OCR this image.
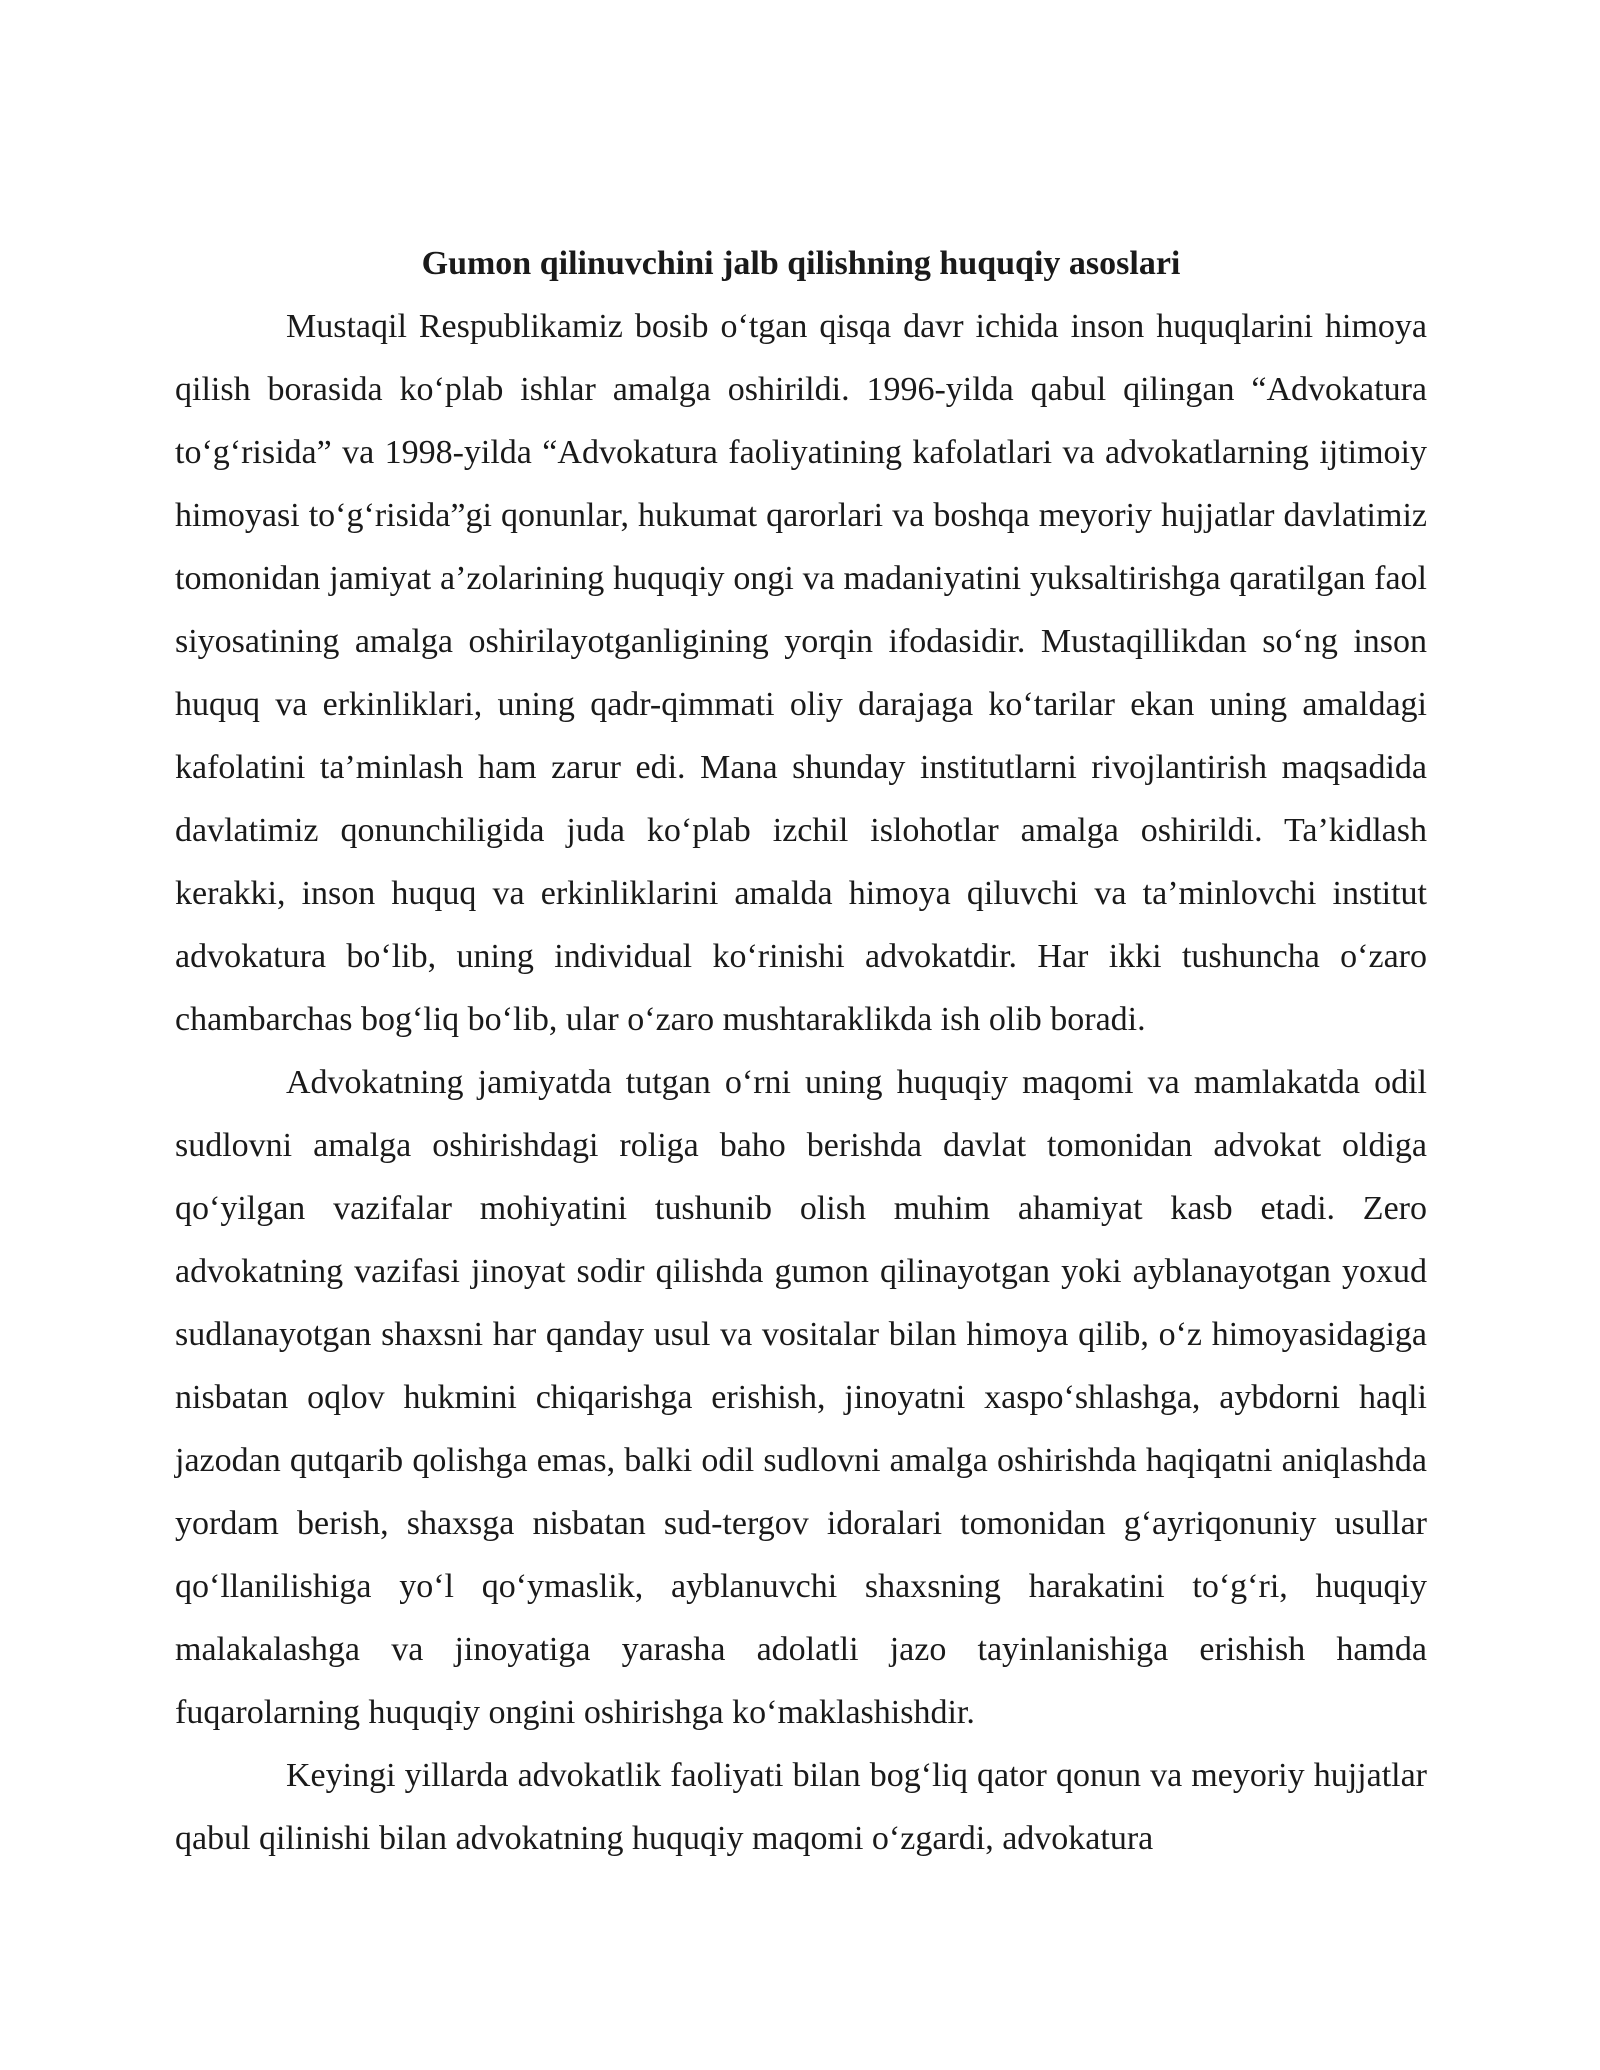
Gumon qilinuvchini jalb qilishning huquqiy asoslari

Mustaqil Respublikamiz bosib o‘tgan qisqa davr ichida inson huquqlarini himoya qilish borasida ko‘plab ishlar amalga oshirildi. 1996-yilda qabul qilingan “Advokatura to‘g‘risida” va 1998-yilda “Advokatura faoliyatining kafolatlari va advokatlarning ijtimoiy himoyasi to‘g‘risida”gi qonunlar, hukumat qarorlari va boshqa meyoriy hujjatlar davlatimiz tomonidan jamiyat a’zolarining huquqiy ongi va madaniyatini yuksaltirishga qaratilgan faol siyosatining amalga oshirilayotganligining yorqin ifodasidir. Mustaqillikdan so‘ng inson huquq va erkinliklari, uning qadr-qimmati oliy darajaga ko‘tarilar ekan uning amaldagi kafolatini ta’minlash ham zarur edi. Mana shunday institutlarni rivojlantirish maqsadida davlatimiz qonunchiligida juda ko‘plab izchil islohotlar amalga oshirildi. Ta’kidlash kerakki, inson huquq va erkinliklarini amalda himoya qiluvchi va ta’minlovchi institut advokatura bo‘lib, uning individual ko‘rinishi advokatdir. Har ikki tushuncha o‘zaro chambarchas bog‘liq bo‘lib, ular o‘zaro mushtaraklikda ish olib boradi.

Advokatning jamiyatda tutgan o‘rni uning huquqiy maqomi va mamlakatda odil sudlovni amalga oshirishdagi roliga baho berishda davlat tomonidan advokat oldiga qo‘yilgan vazifalar mohiyatini tushunib olish muhim ahamiyat kasb etadi. Zero advokatning vazifasi jinoyat sodir qilishda gumon qilinayotgan yoki ayblanayotgan yoxud sudlanayotgan shaxsni har qanday usul va vositalar bilan himoya qilib, o‘z himoyasidagiga nisbatan oqlov hukmini chiqarishga erishish, jinoyatni xaspo‘shlashga, aybdorni haqli jazodan qutqarib qolishga emas, balki odil sudlovni amalga oshirishda haqiqatni aniqlashda yordam berish, shaxsga nisbatan sud-tergov idoralari tomonidan g‘ayriqonuniy usullar qo‘llanilishiga yo‘l qo‘ymaslik, ayblanuvchi shaxsning harakatini to‘g‘ri, huquqiy malakalashga va jinoyatiga yarasha adolatli jazo tayinlanishiga erishish hamda fuqarolarning huquqiy ongini oshirishga ko‘maklashishdir.

Keyingi yillarda advokatlik faoliyati bilan bog‘liq qator qonun va meyoriy hujjatlar qabul qilinishi bilan advokatning huquqiy maqomi o‘zgardi, advokatura
